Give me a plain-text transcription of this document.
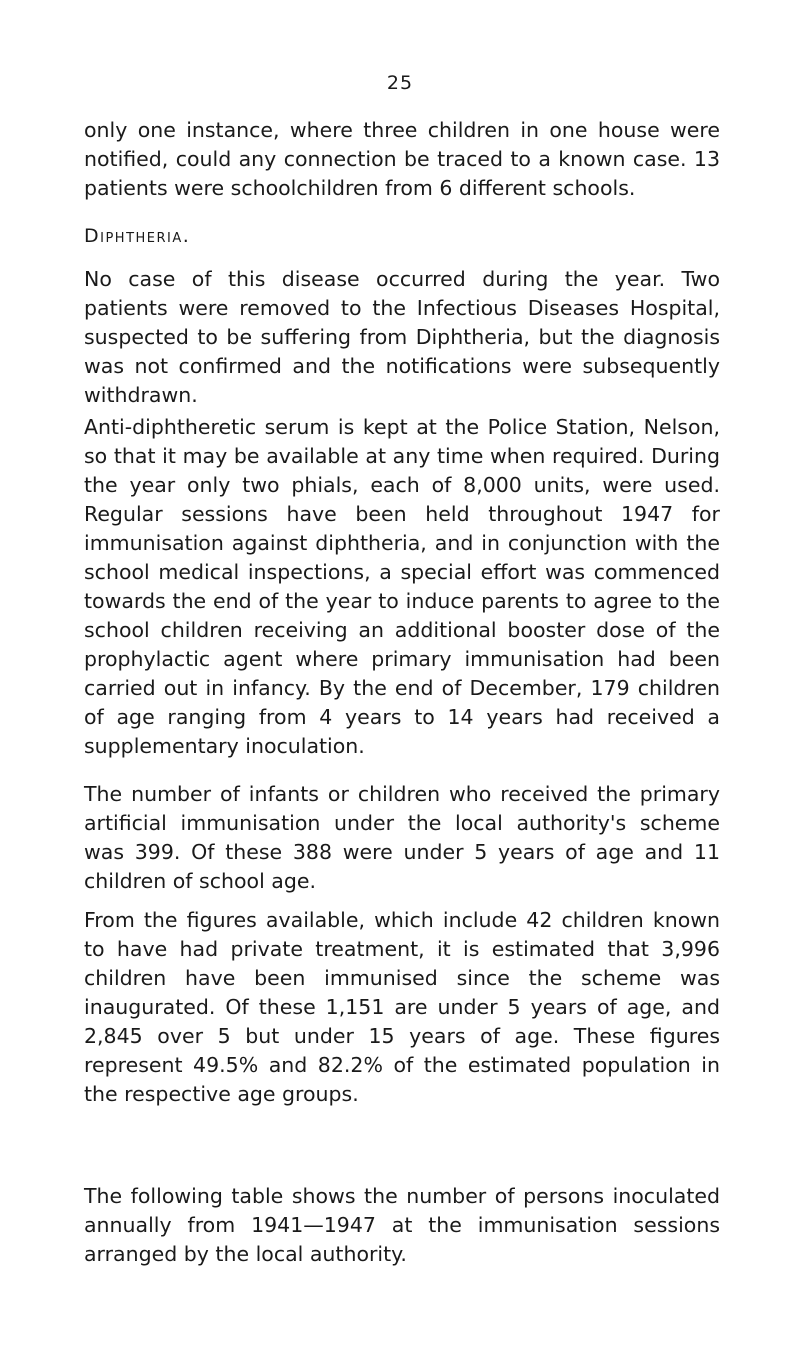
25

only one instance, where three children in one house were notified, could any connection be traced to a known case. 13 patients were schoolchildren from 6 different schools.

Diphtheria.

No case of this disease occurred during the year. Two patients were removed to the Infectious Diseases Hospital, suspected to be suffering from Diphtheria, but the diagnosis was not confirmed and the notifications were subsequently withdrawn.

Anti-diphtheretic serum is kept at the Police Station, Nelson, so that it may be available at any time when required. During the year only two phials, each of 8,000 units, were used. Regular sessions have been held throughout 1947 for immunisation against diphtheria, and in conjunction with the school medical inspections, a special effort was commenced towards the end of the year to induce parents to agree to the school children receiving an additional booster dose of the prophylactic agent where primary immunisation had been carried out in infancy. By the end of December, 179 children of age ranging from 4 years to 14 years had received a supplementary inoculation.

The number of infants or children who received the primary artificial immunisation under the local authority's scheme was 399. Of these 388 were under 5 years of age and 11 children of school age.

From the figures available, which include 42 children known to have had private treatment, it is estimated that 3,996 children have been immunised since the scheme was inaugurated. Of these 1,151 are under 5 years of age, and 2,845 over 5 but under 15 years of age. These figures represent 49.5% and 82.2% of the estimated population in the respective age groups.

The following table shows the number of persons inoculated annually from 1941—1947 at the immunisation sessions arranged by the local authority.
